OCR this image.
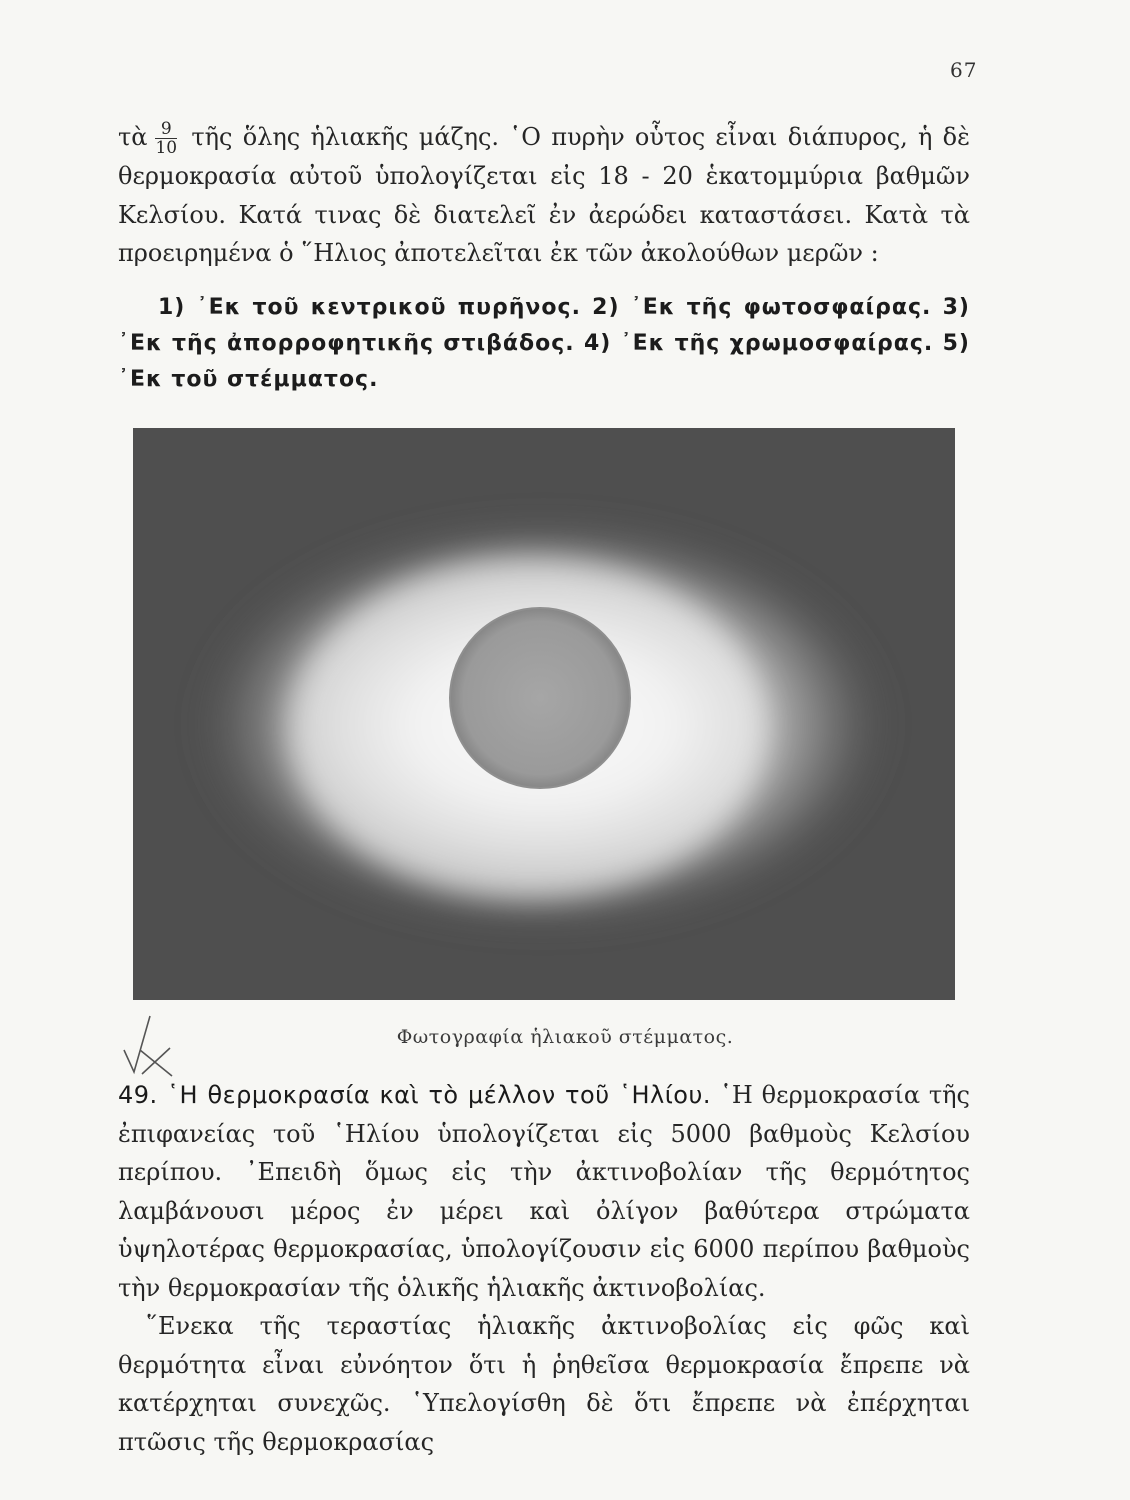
67
τὰ $\frac{9}{10}$ τῆς ὅλης ἡλιακῆς μάζης. ῾Ο πυρὴν οὗτος εἶναι διάπυρος, ἡ δὲ θερμοκρασία αὐτοῦ ὑπολογίζεται εἰς 18 - 20 ἑκατομμύρια βαθμῶν Κελσίου. Κατά τινας δὲ διατελεῖ ἐν ἀερώδει καταστάσει. Κατὰ τὰ προειρημένα ὁ ῞Ηλιος ἀποτελεῖται ἐκ τῶν ἀκολούθων μερῶν :
1) ᾿Εκ τοῦ κεντρικοῦ πυρῆνος. 2) ᾿Εκ τῆς φωτοσφαίρας. 3) ᾿Εκ τῆς ἀπορροφητικῆς στιβάδος. 4) ᾿Εκ τῆς χρωμοσφαίρας. 5) ᾿Εκ τοῦ στέμματος.
Φωτογραφία ἡλιακοῦ στέμματος.
49. ῾Η θερμοκρασία καὶ τὸ μέλλον τοῦ ῾Ηλίου. ῾Η θερμοκρασία τῆς ἐπιφανείας τοῦ ῾Ηλίου ὑπολογίζεται εἰς 5000 βαθμοὺς Κελσίου περίπου. ᾿Επειδὴ ὅμως εἰς τὴν ἀκτινοβολίαν τῆς θερμότητος λαμβάνουσι μέρος ἐν μέρει καὶ ὀλίγον βαθύτερα στρώματα ὑψηλοτέρας θερμοκρασίας, ὑπολογίζουσιν εἰς 6000 περίπου βαθμοὺς τὴν θερμοκρασίαν τῆς ὁλικῆς ἡλιακῆς ἀκτινοβολίας.
῞Ενεκα τῆς τεραστίας ἡλιακῆς ἀκτινοβολίας εἰς φῶς καὶ θερμότητα εἶναι εὐνόητον ὅτι ἡ ῥηθεῖσα θερμοκρασία ἔπρεπε νὰ κατέρχηται συνεχῶς. ῾Υπελογίσθη δὲ ὅτι ἔπρεπε νὰ ἐπέρχηται πτῶσις τῆς θερμοκρασίας
